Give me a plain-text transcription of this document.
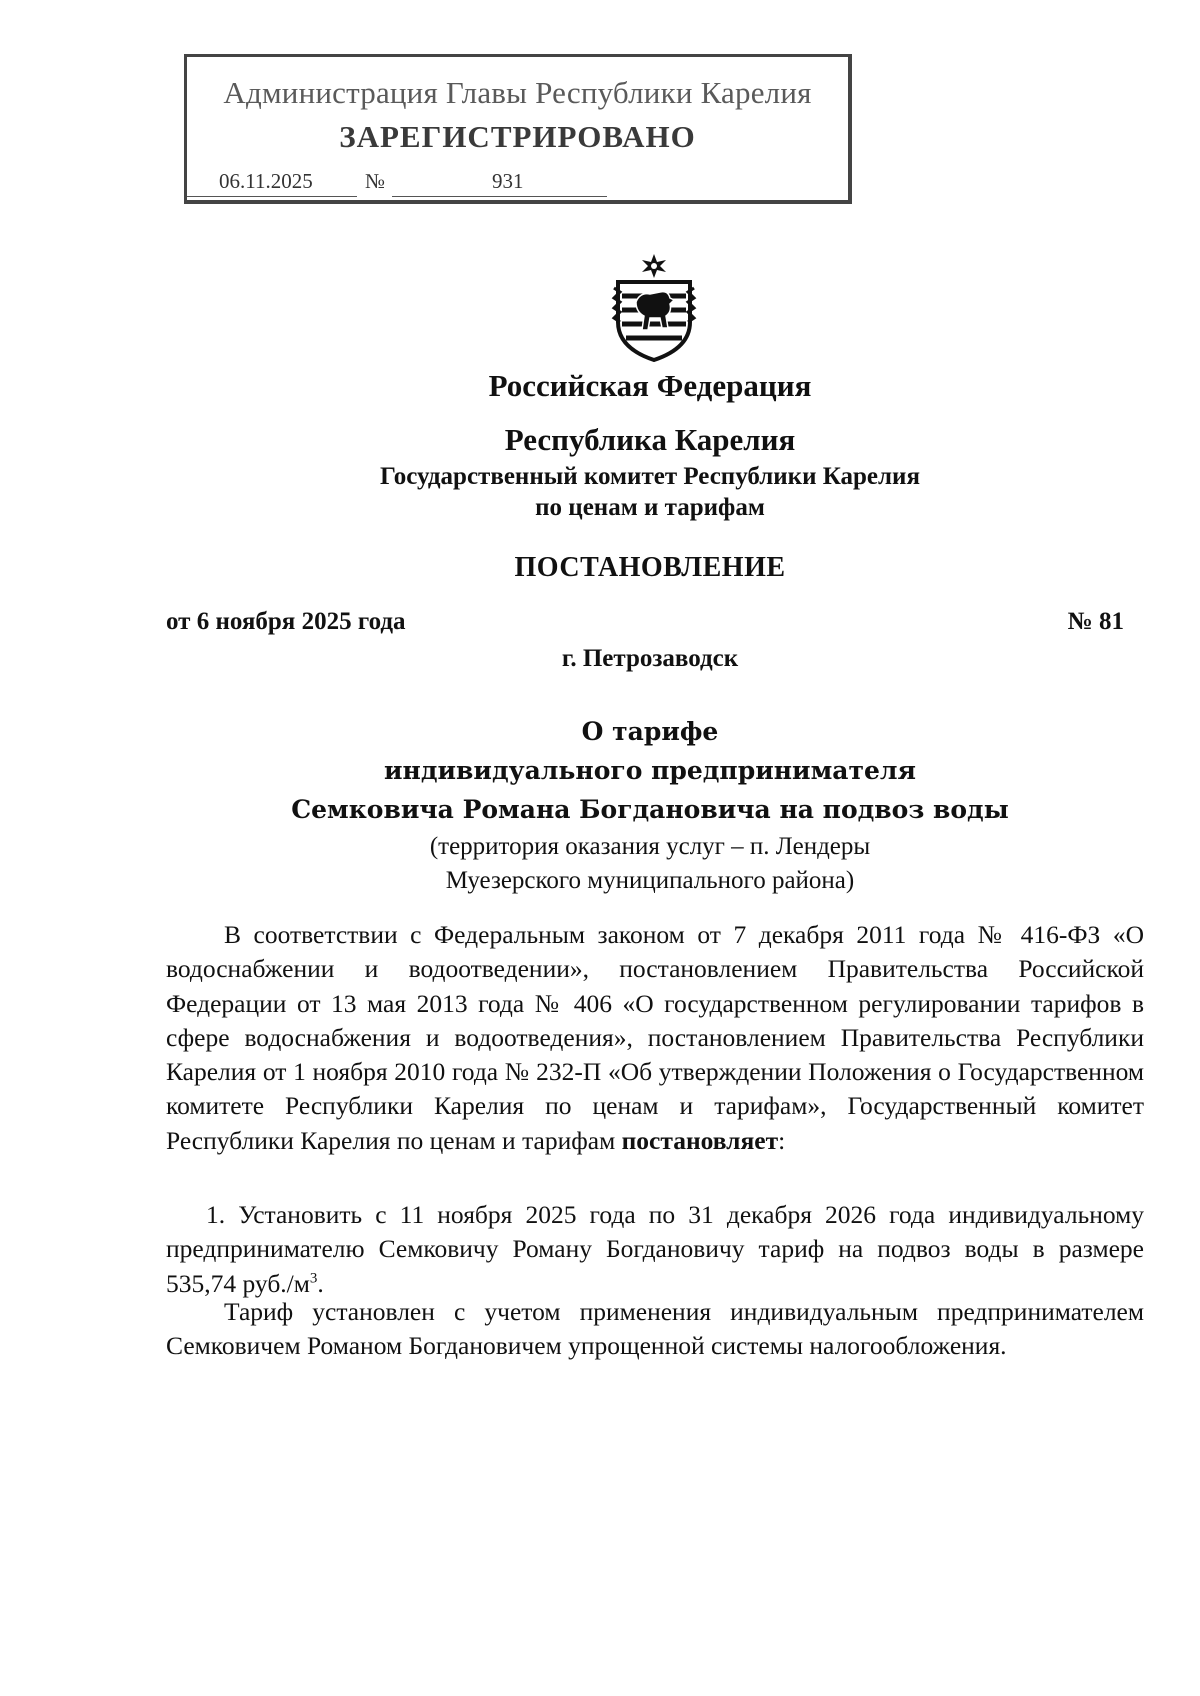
Администрация Главы Республики Карелия
ЗАРЕГИСТРИРОВАНО
06.11.2025 №	931
Российская Федерация
Республика Карелия
Государственный комитет Республики Карелия
по ценам и тарифам
ПОСТАНОВЛЕНИЕ
от 6 ноября 2025 года	№ 81
г. Петрозаводск
О тарифе
индивидуального предпринимателя
Семковича Романа Богдановича на подвоз воды
(территория оказания услуг – п. Лендеры
Муезерского муниципального района)
В соответствии с Федеральным законом от 7 декабря 2011 года № 416-ФЗ «О водоснабжении и водоотведении», постановлением Правительства Российской Федерации от 13 мая 2013 года № 406 «О государственном регулировании тарифов в сфере водоснабжения и водоотведения», постановлением Правительства Республики Карелия от 1 ноября 2010 года № 232-П «Об утверждении Положения о Государственном комитете Республики Карелия по ценам и тарифам», Государственный комитет Республики Карелия по ценам и тарифам постановляет:
1. Установить с 11 ноября 2025 года по 31 декабря 2026 года индивидуальному предпринимателю Семковичу Роману Богдановичу тариф на подвоз воды в размере 535,74 $руб./м^3$.
Тариф установлен с учетом применения индивидуальным предпринимателем Семковичем Романом Богдановичем упрощенной системы налогообложения.
